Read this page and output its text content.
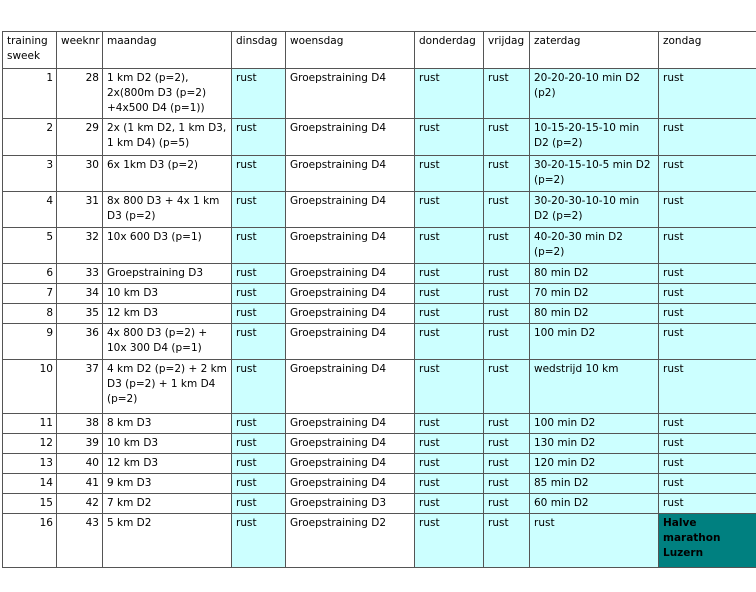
training sweek	weeknr	maandag	dinsdag	woensdag	donderdag	vrijdag	zaterdag	zondag
1	28	1 km D2 (p=2), 2x(800m D3 (p=2) +4x500 D4 (p=1))	rust	Groepstraining D4	rust	rust	20-20-20-10 min D2 (p2)	rust
2	29	2x (1 km D2, 1 km D3, 1 km D4) (p=5)	rust	Groepstraining D4	rust	rust	10-15-20-15-10 min D2 (p=2)	rust
3	30	6x 1km D3 (p=2)	rust	Groepstraining D4	rust	rust	30-20-15-10-5 min D2 (p=2)	rust
4	31	8x 800 D3 + 4x 1 km D3 (p=2)	rust	Groepstraining D4	rust	rust	30-20-30-10-10 min D2 (p=2)	rust
5	32	10x 600 D3 (p=1)	rust	Groepstraining D4	rust	rust	40-20-30 min D2 (p=2)	rust
6	33	Groepstraining D3	rust	Groepstraining D4	rust	rust	80 min D2	rust
7	34	10 km D3	rust	Groepstraining D4	rust	rust	70 min D2	rust
8	35	12 km D3	rust	Groepstraining D4	rust	rust	80 min D2	rust
9	36	4x 800 D3 (p=2) + 10x 300 D4 (p=1)	rust	Groepstraining D4	rust	rust	100 min D2	rust
10	37	4 km D2 (p=2) + 2 km D3 (p=2) + 1 km D4 (p=2)	rust	Groepstraining D4	rust	rust	wedstrijd 10 km	rust
11	38	8 km D3	rust	Groepstraining D4	rust	rust	100 min D2	rust
12	39	10 km D3	rust	Groepstraining D4	rust	rust	130 min D2	rust
13	40	12 km D3	rust	Groepstraining D4	rust	rust	120 min D2	rust
14	41	9 km D3	rust	Groepstraining D4	rust	rust	85 min D2	rust
15	42	7 km D2	rust	Groepstraining D3	rust	rust	60 min D2	rust
16	43	5 km D2	rust	Groepstraining D2	rust	rust	rust	Halve marathon Luzern
